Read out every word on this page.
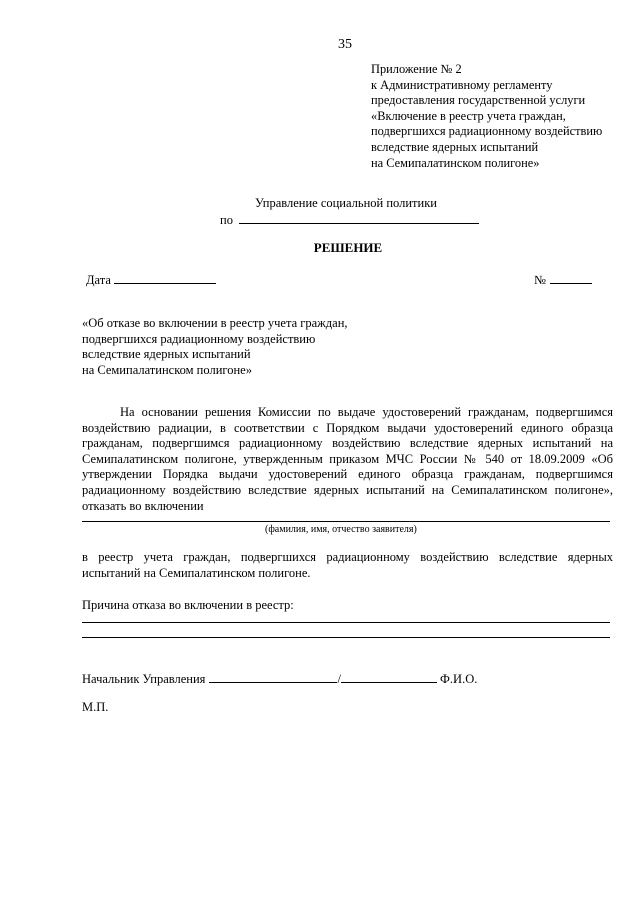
35
Приложение № 2
к Административному регламенту
предоставления государственной услуги
«Включение в реестр учета граждан,
подвергшихся радиационному воздействию
вследствие ядерных испытаний
на Семипалатинском полигоне»
Управление социальной политики
по
РЕШЕНИЕ
Дата	№
«Об отказе во включении в реестр учета граждан,
подвергшихся радиационному воздействию
вследствие ядерных испытаний
на Семипалатинском полигоне»
На основании решения Комиссии по выдаче удостоверений гражданам, подвергшимся воздействию радиации, в соответствии с Порядком выдачи удостоверений единого образца гражданам, подвергшимся радиационному воздействию вследствие ядерных испытаний на Семипалатинском полигоне, утвержденным приказом МЧС России № 540 от 18.09.2009 «Об утверждении Порядка выдачи удостоверений единого образца гражданам, подвергшимся радиационному воздействию вследствие ядерных испытаний на Семипалатинском полигоне», отказать во включении
(фамилия, имя, отчество заявителя)
в реестр учета граждан, подвергшихся радиационному воздействию вследствие ядерных испытаний на Семипалатинском полигоне.
Причина отказа во включении в реестр:
Начальник Управления	/	Ф.И.О.
М.П.
